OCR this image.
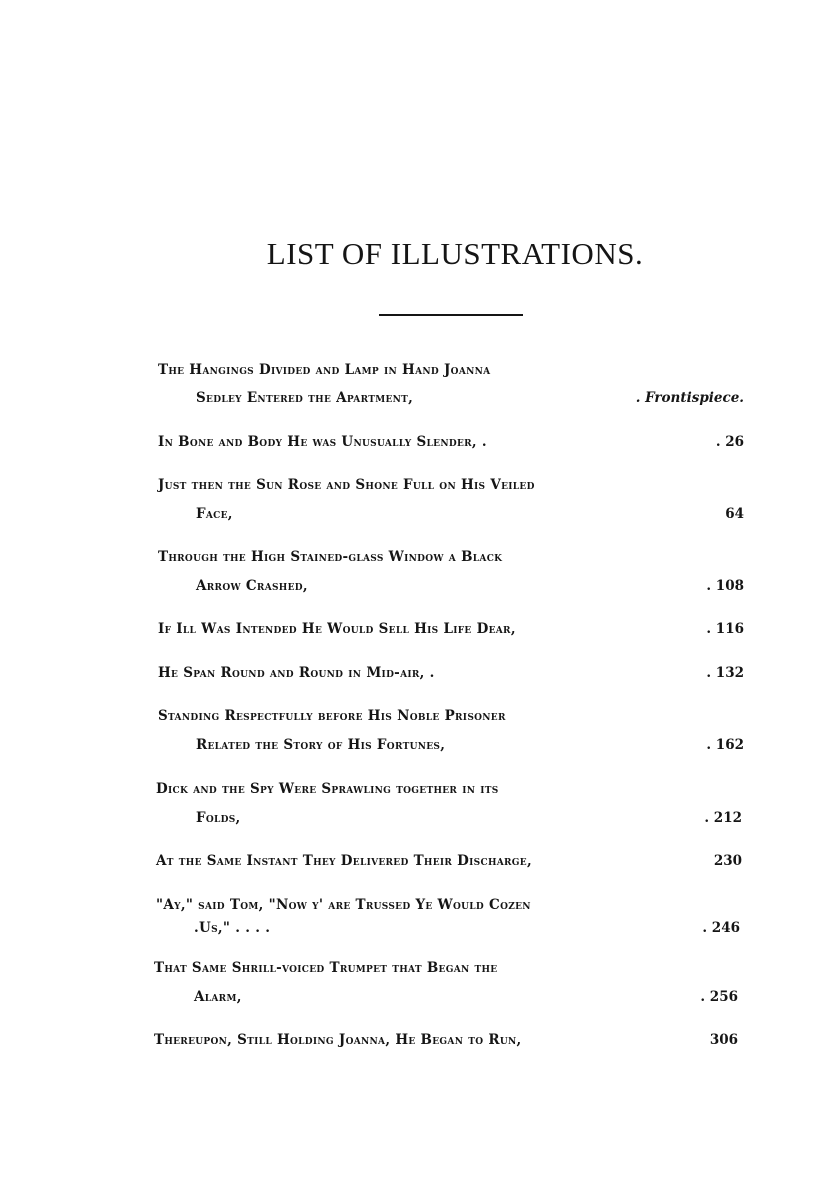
LIST OF ILLUSTRATIONS.
The Hangings Divided and Lamp in Hand Joanna
Sedley Entered the Apartment,	. Frontispiece.
In Bone and Body He was Unusually Slender, .	. 26
Just then the Sun Rose and Shone Full on His Veiled
Face,	64
Through the High Stained-glass Window a Black
Arrow Crashed,	. 108
If Ill Was Intended He Would Sell His Life Dear,	. 116
He Span Round and Round in Mid-air, .	. 132
Standing Respectfully before His Noble Prisoner
Related the Story of His Fortunes,	. 162
Dick and the Spy Were Sprawling together in its
Folds,	. 212
At the Same Instant They Delivered Their Discharge,	230
"Ay," said Tom, "Now y' are Trussed Ye Would Cozen
.Us," . . . .	. 246
That Same Shrill-voiced Trumpet that Began the
Alarm,	. 256
Thereupon, Still Holding Joanna, He Began to Run,	306
